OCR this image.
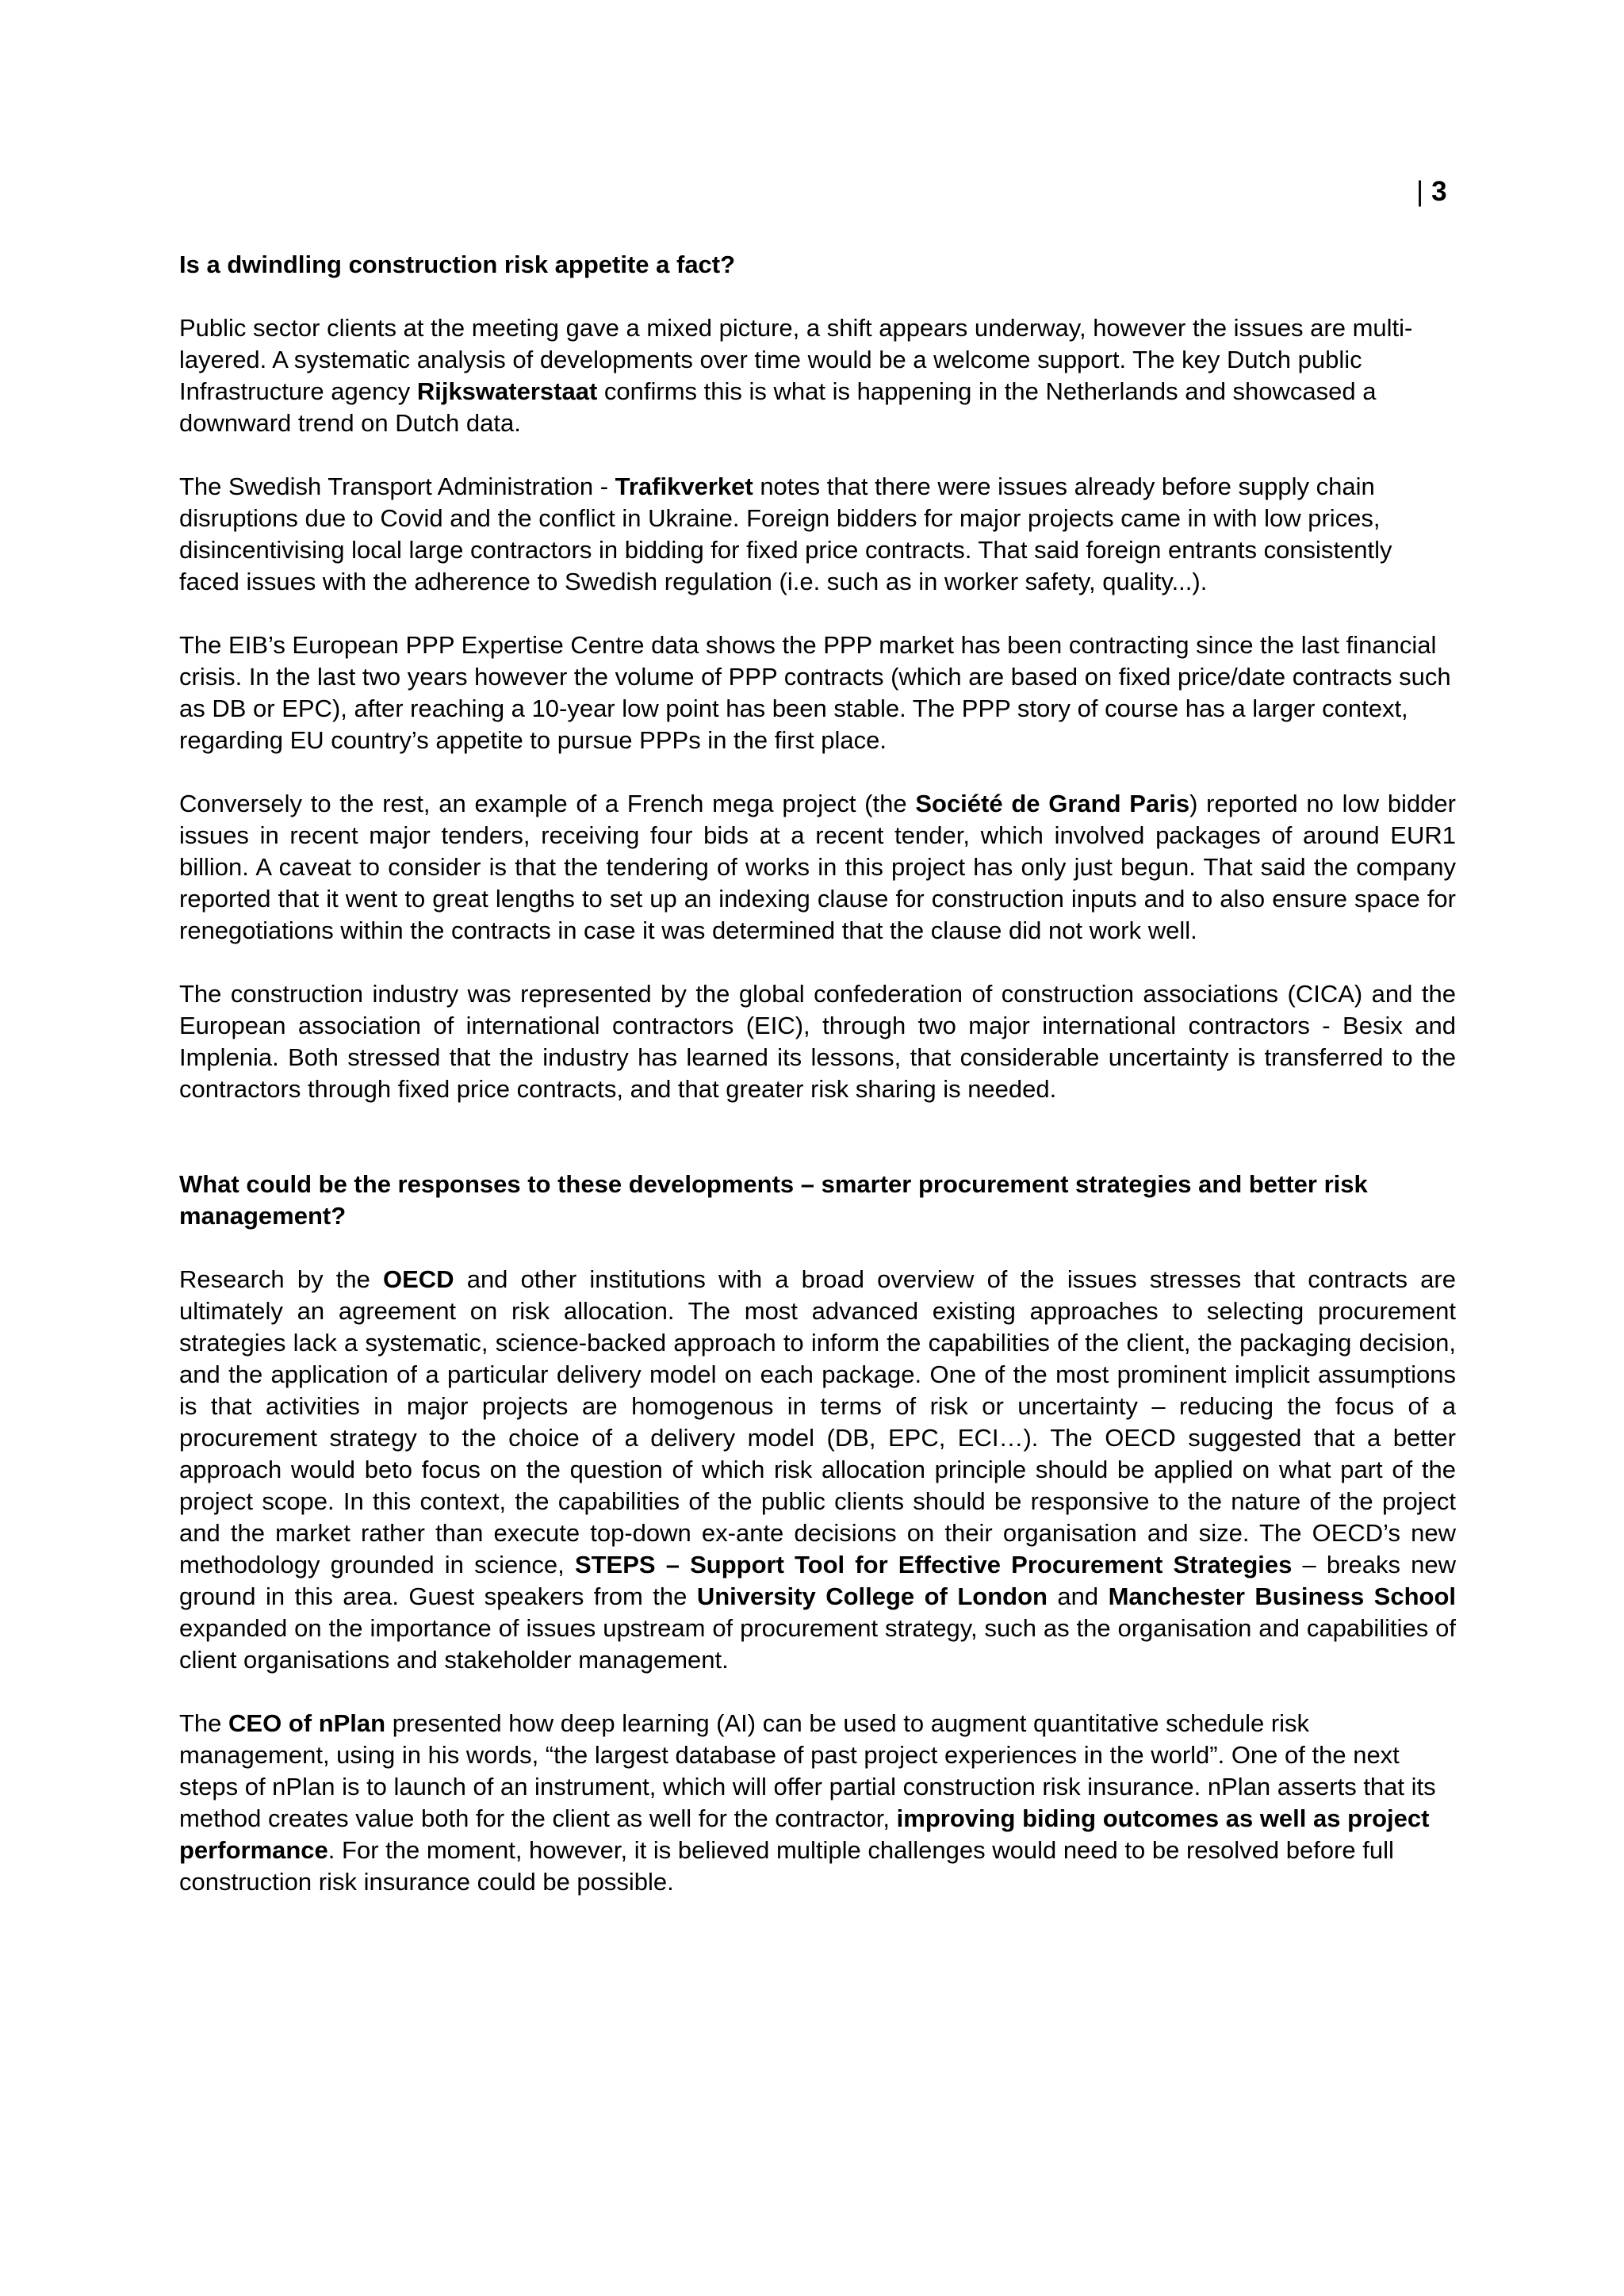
| 3
Is a dwindling construction risk appetite a fact?

Public sector clients at the meeting gave a mixed picture, a shift appears underway, however the issues are multi-layered. A systematic analysis of developments over time would be a welcome support. The key Dutch public Infrastructure agency Rijkswaterstaat confirms this is what is happening in the Netherlands and showcased a downward trend on Dutch data.

The Swedish Transport Administration - Trafikverket notes that there were issues already before supply chain disruptions due to Covid and the conflict in Ukraine. Foreign bidders for major projects came in with low prices, disincentivising local large contractors in bidding for fixed price contracts. That said foreign entrants consistently faced issues with the adherence to Swedish regulation (i.e. such as in worker safety, quality...).

The EIB’s European PPP Expertise Centre data shows the PPP market has been contracting since the last financial crisis. In the last two years however the volume of PPP contracts (which are based on fixed price/date contracts such as DB or EPC), after reaching a 10-year low point has been stable. The PPP story of course has a larger context, regarding EU country’s appetite to pursue PPPs in the first place.

Conversely to the rest, an example of a French mega project (the Société de Grand Paris) reported no low bidder issues in recent major tenders, receiving four bids at a recent tender, which involved packages of around EUR1 billion. A caveat to consider is that the tendering of works in this project has only just begun. That said the company reported that it went to great lengths to set up an indexing clause for construction inputs and to also ensure space for renegotiations within the contracts in case it was determined that the clause did not work well.

The construction industry was represented by the global confederation of construction associations (CICA) and the European association of international contractors (EIC), through two major international contractors - Besix and Implenia. Both stressed that the industry has learned its lessons, that considerable uncertainty is transferred to the contractors through fixed price contracts, and that greater risk sharing is needed.

What could be the responses to these developments – smarter procurement strategies and better risk management?

Research by the OECD and other institutions with a broad overview of the issues stresses that contracts are ultimately an agreement on risk allocation. The most advanced existing approaches to selecting procurement strategies lack a systematic, science-backed approach to inform the capabilities of the client, the packaging decision, and the application of a particular delivery model on each package. One of the most prominent implicit assumptions is that activities in major projects are homogenous in terms of risk or uncertainty – reducing the focus of a procurement strategy to the choice of a delivery model (DB, EPC, ECI…). The OECD suggested that a better approach would beto focus on the question of which risk allocation principle should be applied on what part of the project scope. In this context, the capabilities of the public clients should be responsive to the nature of the project and the market rather than execute top-down ex-ante decisions on their organisation and size. The OECD’s new methodology grounded in science, STEPS – Support Tool for Effective Procurement Strategies – breaks new ground in this area. Guest speakers from the University College of London and Manchester Business School expanded on the importance of issues upstream of procurement strategy, such as the organisation and capabilities of client organisations and stakeholder management.

The CEO of nPlan presented how deep learning (AI) can be used to augment quantitative schedule risk management, using in his words, “the largest database of past project experiences in the world”. One of the next steps of nPlan is to launch of an instrument, which will offer partial construction risk insurance. nPlan asserts that its method creates value both for the client as well for the contractor, improving biding outcomes as well as project performance. For the moment, however, it is believed multiple challenges would need to be resolved before full construction risk insurance could be possible.
